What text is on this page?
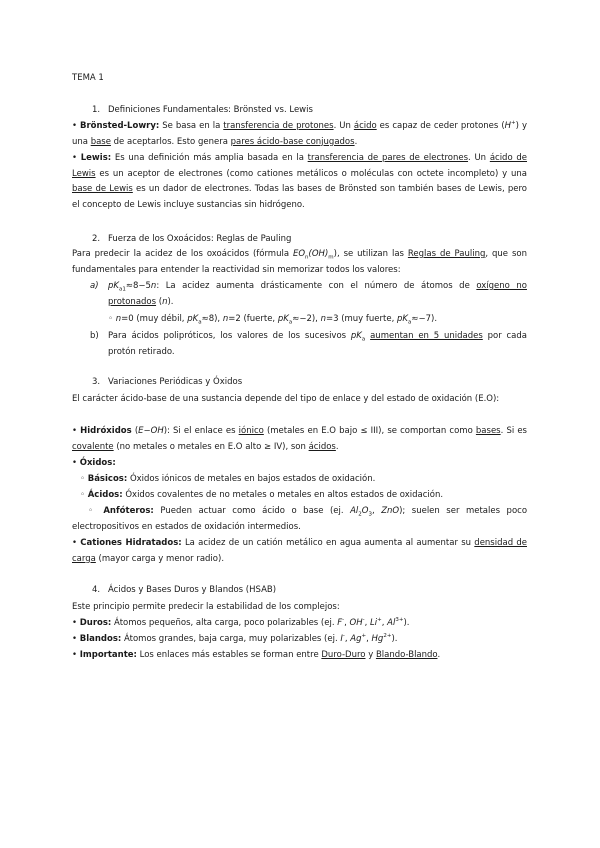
TEMA 1
1. Definiciones Fundamentales: Brönsted vs. Lewis

• Brönsted-Lowry: Se basa en la transferencia de protones. Un ácido es capaz de ceder protones (H+) y una base de aceptarlos. Esto genera pares ácido-base conjugados.

• Lewis: Es una definición más amplia basada en la transferencia de pares de electrones. Un ácido de Lewis es un aceptor de electrones (como cationes metálicos o moléculas con octete incompleto) y una base de Lewis es un dador de electrones. Todas las bases de Brönsted son también bases de Lewis, pero el concepto de Lewis incluye sustancias sin hidrógeno.

2. Fuerza de los Oxoácidos: Reglas de Pauling

Para predecir la acidez de los oxoácidos (fórmula $EO_n(OH)_m$), se utilizan las Reglas de Pauling, que son fundamentales para entender la reactividad sin memorizar todos los valores:

a) $pK_{a1}\approx 8-5n$: La acidez aumenta drásticamente con el número de átomos de oxígeno no protonados (n).

◦ n=0 (muy débil, $pK_a\approx 8$), n=2 (fuerte, $pK_a\approx-2$), n=3 (muy fuerte, $pK_a\approx-7$).

b) Para ácidos polipróticos, los valores de los sucesivos $pK_a$ aumentan en 5 unidades por cada protón retirado.

3. Variaciones Periódicas y Óxidos

El carácter ácido-base de una sustancia depende del tipo de enlace y del estado de oxidación (E.O):

• Hidróxidos (E−OH): Si el enlace es iónico (metales en E.O bajo ≤ III), se comportan como bases. Si es covalente (no metales o metales en E.O alto ≥ IV), son ácidos.

• Óxidos:

◦ Básicos: Óxidos iónicos de metales en bajos estados de oxidación.

◦ Ácidos: Óxidos covalentes de no metales o metales en altos estados de oxidación.

◦ Anfóteros: Pueden actuar como ácido o base (ej. $Al_2O_3$, ZnO); suelen ser metales poco electropositivos en estados de oxidación intermedios.

• Cationes Hidratados: La acidez de un catión metálico en agua aumenta al aumentar su densidad de carga (mayor carga y menor radio).

4. Ácidos y Bases Duros y Blandos (HSAB)

Este principio permite predecir la estabilidad de los complejos:

• Duros: Átomos pequeños, alta carga, poco polarizables (ej. F-, OH-, Li+, $Al^{3+}$).

• Blandos: Átomos grandes, baja carga, muy polarizables (ej. I-, Ag+, $Hg^{2+}$).

• Importante: Los enlaces más estables se forman entre Duro-Duro y Blando-Blando.
